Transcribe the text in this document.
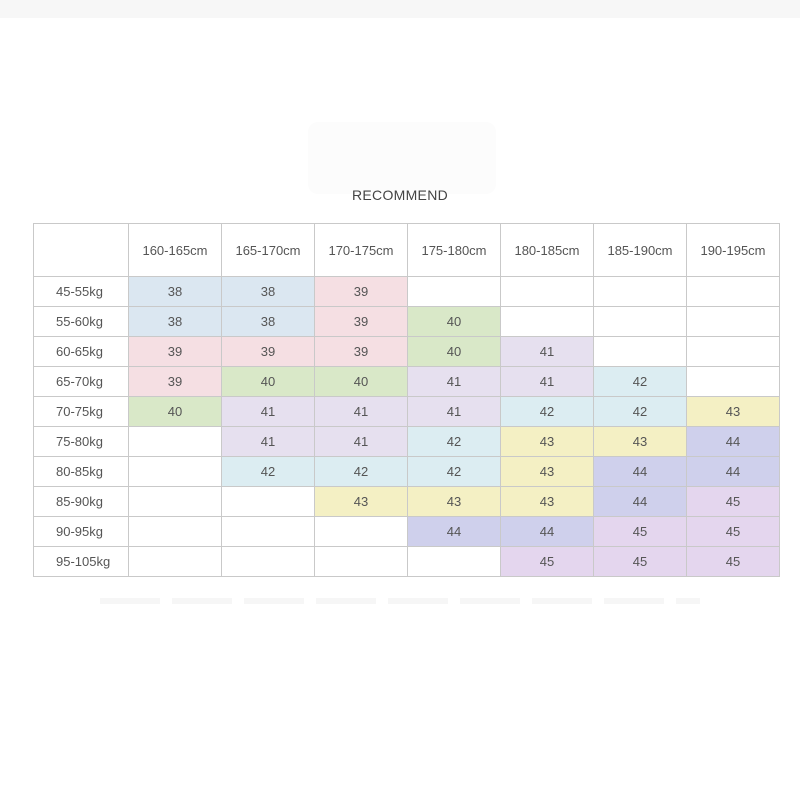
RECOMMEND
	160-165cm	165-170cm	170-175cm	175-180cm	180-185cm	185-190cm	190-195cm
45-55kg	38	38	39				
55-60kg	38	38	39	40			
60-65kg	39	39	39	40	41		
65-70kg	39	40	40	41	41	42	
70-75kg	40	41	41	41	42	42	43
75-80kg		41	41	42	43	43	44
80-85kg		42	42	42	43	44	44
85-90kg			43	43	43	44	45
90-95kg				44	44	45	45
95-105kg					45	45	45
